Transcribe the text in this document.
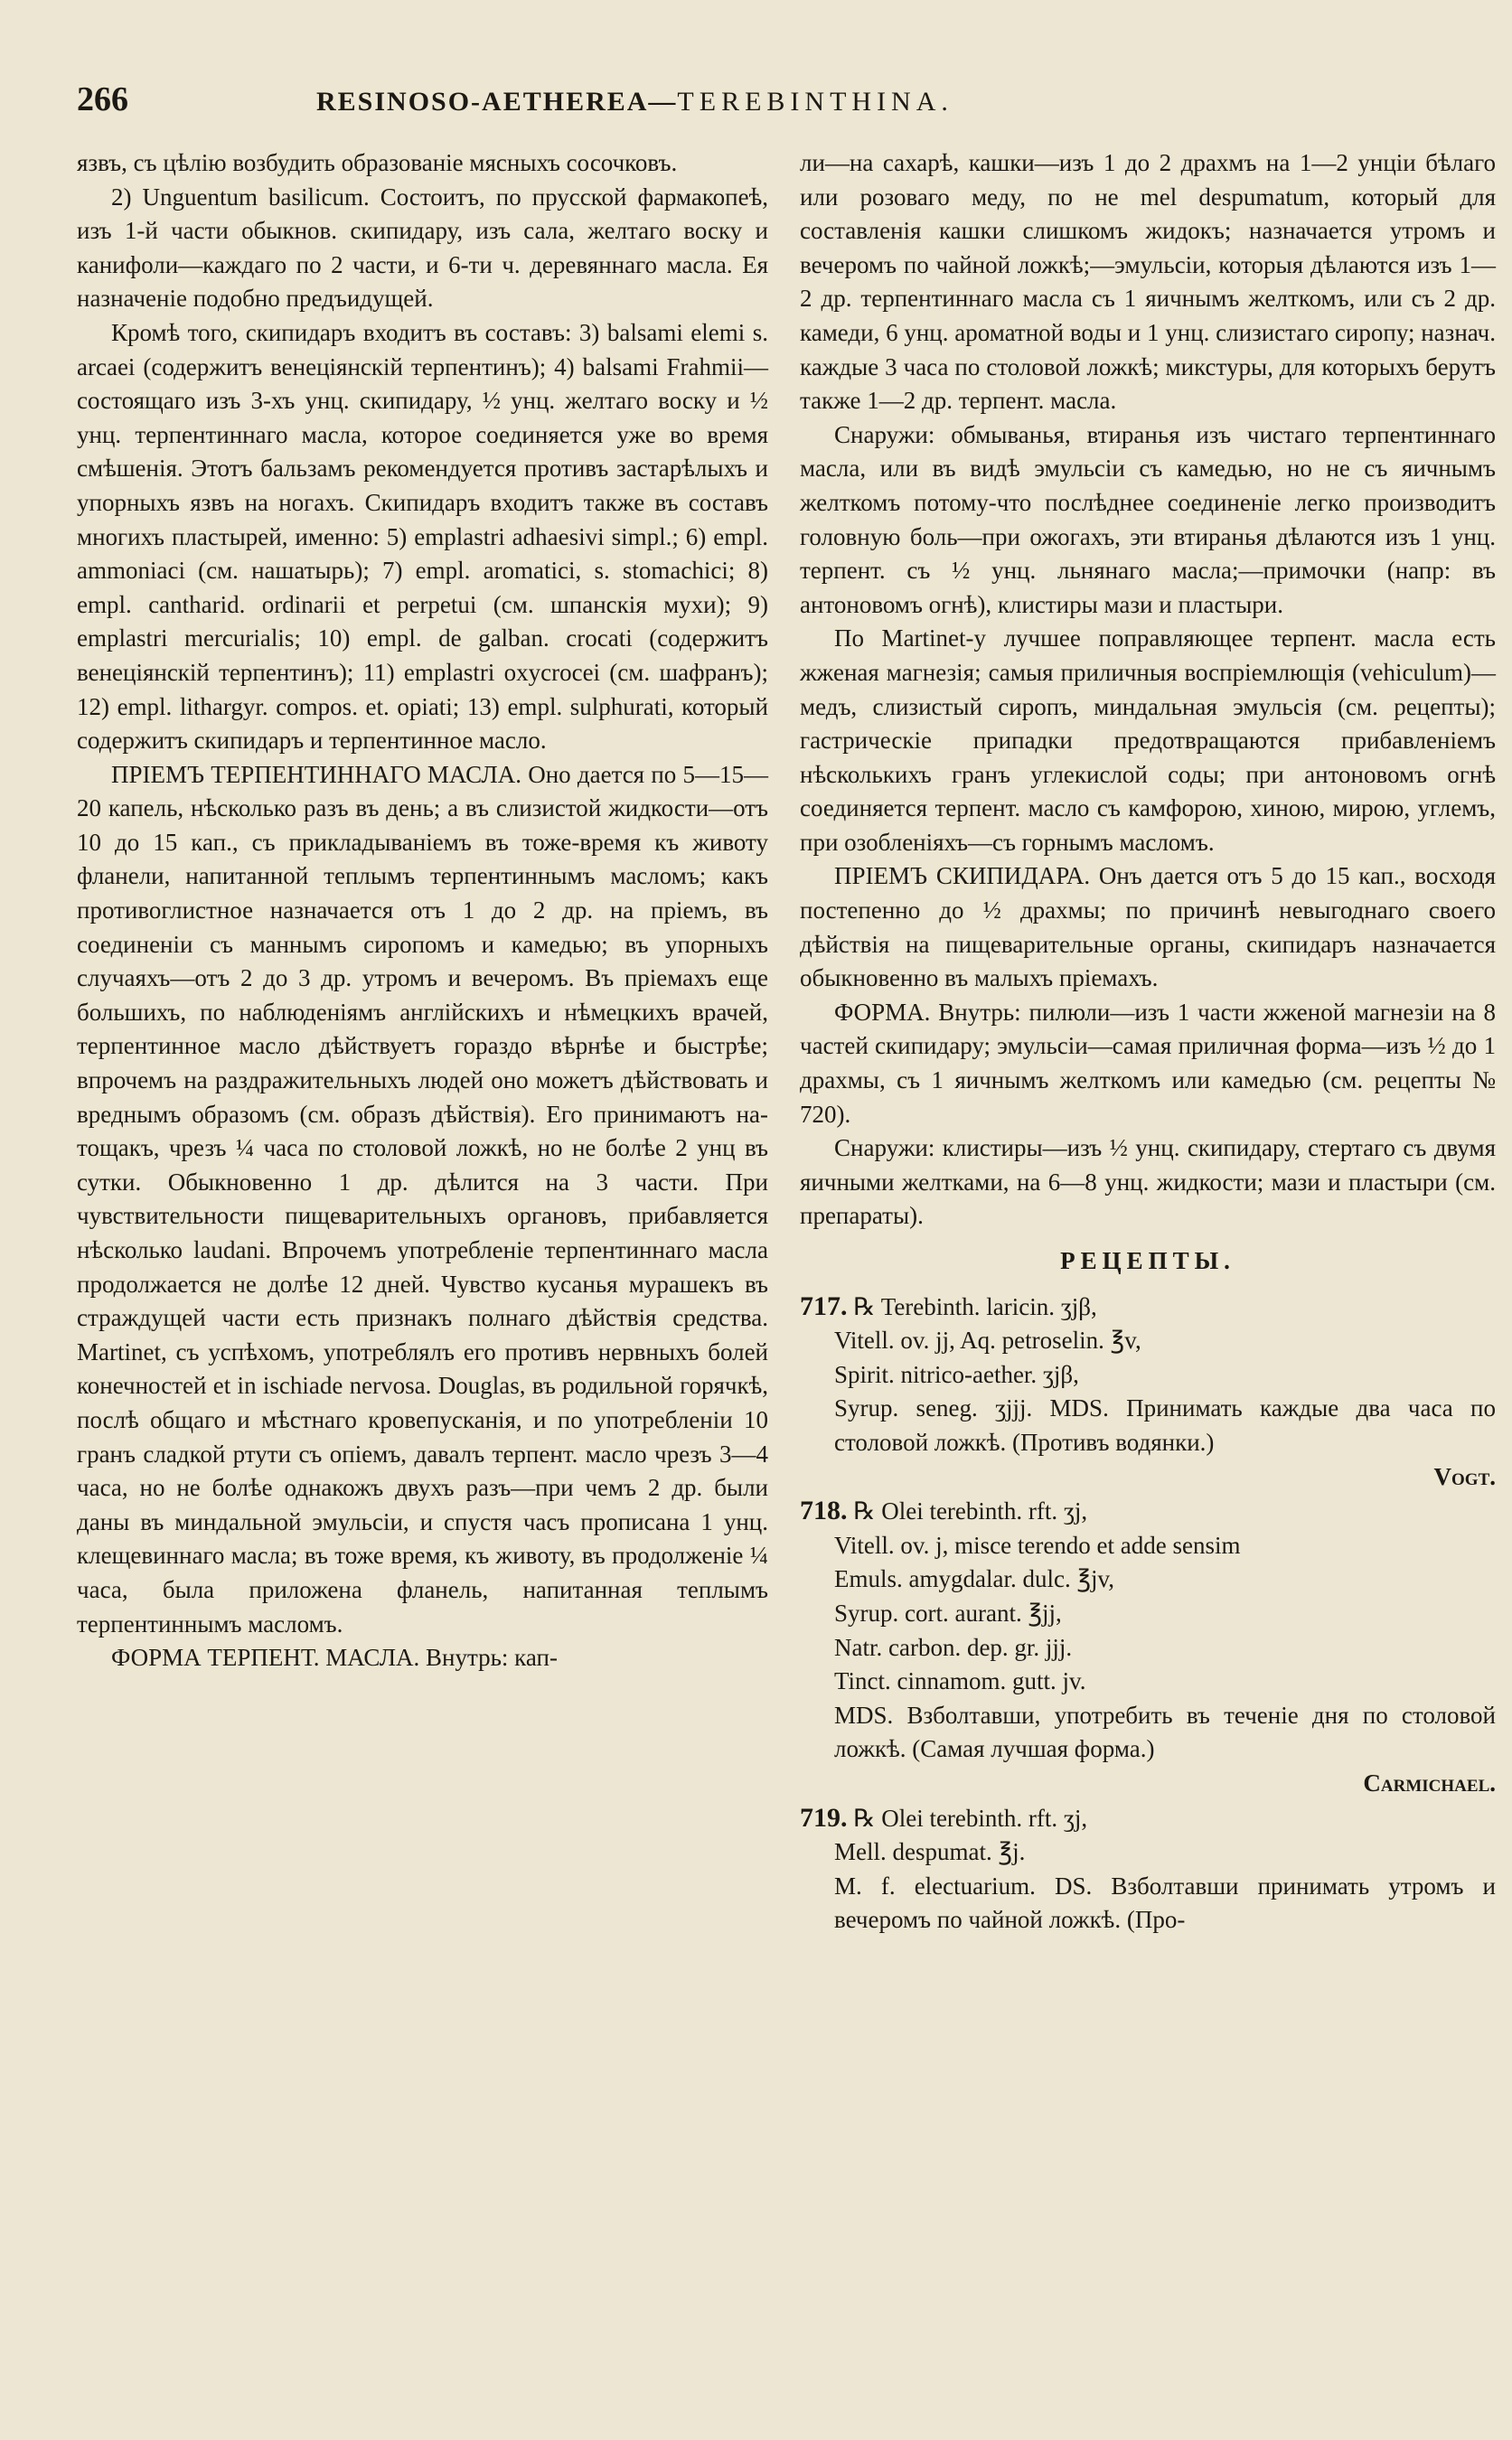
266	RESINOSO-AETHEREA—TEREBINTHINA.

язвъ, съ цѣлію возбудить образованіе мясныхъ сосочковъ.

2) Unguentum basilicum. Состоитъ, по прусской фармакопеѣ, изъ 1-й части обыкнов. скипидару, изъ сала, желтаго воску и канифоли—каждаго по 2 части, и 6-ти ч. деревяннаго масла. Ея назначеніе подобно предъидущей.

Кромѣ того, скипидаръ входитъ въ составъ: 3) balsami elemi s. arcaei (содержитъ венеціянскій терпентинъ); 4) balsami Frahmii—состоящаго изъ 3-хъ унц. скипидару, ½ унц. желтаго воску и ½ унц. терпентиннаго масла, которое соединяется уже во время смѣшенія. Этотъ бальзамъ рекомендуется противъ застарѣлыхъ и упорныхъ язвъ на ногахъ. Скипидаръ входитъ также въ составъ многихъ пластырей, именно: 5) emplastri adhaesivi simpl.; 6) empl. ammoniaci (см. нашатырь); 7) empl. aromatici, s. stomachici; 8) empl. cantharid. ordinarii et perpetui (см. шпанскія мухи); 9) emplastri mercurialis; 10) empl. de galban. crocati (содержитъ венеціянскій терпентинъ); 11) emplastri oxycrocei (см. шафранъ); 12) empl. lithargyr. compos. et. opiati; 13) empl. sulphurati, который содержитъ скипидаръ и терпентинное масло.

ПРІЕМЪ ТЕРПЕНТИННАГО МАСЛА. Оно дается по 5—15—20 капель, нѣсколько разъ въ день; а въ слизистой жидкости—отъ 10 до 15 кап., съ прикладываніемъ въ тоже-время къ животу фланели, напитанной теплымъ терпентиннымъ масломъ; какъ противоглистное назначается отъ 1 до 2 др. на пріемъ, въ соединеніи съ маннымъ сиропомъ и камедью; въ упорныхъ случаяхъ—отъ 2 до 3 др. утромъ и вечеромъ. Въ пріемахъ еще большихъ, по наблюденіямъ англійскихъ и нѣмецкихъ врачей, терпентинное масло дѣйствуетъ гораздо вѣрнѣе и быстрѣе; впрочемъ на раздражительныхъ людей оно можетъ дѣйствовать и вреднымъ образомъ (см. образъ дѣйствія). Его принимаютъ на-тощакъ, чрезъ ¼ часа по столовой ложкѣ, но не болѣе 2 унц въ сутки. Обыкновенно 1 др. дѣлится на 3 части. При чувствительности пищеварительныхъ органовъ, прибавляется нѣсколько laudani. Впрочемъ употребленіе терпентиннаго масла продолжается не долѣе 12 дней. Чувство кусанья мурашекъ въ страждущей части есть признакъ полнаго дѣйствія средства. Martinet, съ успѣхомъ, употреблялъ его противъ нервныхъ болей конечностей et in ischiade nervosa. Douglas, въ родильной горячкѣ, послѣ общаго и мѣстнаго кровепусканія, и по употребленіи 10 гранъ сладкой ртути съ опіемъ, давалъ терпент. масло чрезъ 3—4 часа, но не болѣе однакожъ двухъ разъ—при чемъ 2 др. были даны въ миндальной эмульсіи, и спустя часъ прописана 1 унц. клещевиннаго масла; въ тоже время, къ животу, въ продолженіе ¼ часа, была приложена фланель, напитанная теплымъ терпентиннымъ масломъ.

ФОРМА ТЕРПЕНТ. МАСЛА. Внутрь: кап-

ли—на сахарѣ, кашки—изъ 1 до 2 драхмъ на 1—2 унціи бѣлаго или розоваго меду, по не mel despumatum, который для составленія кашки слишкомъ жидокъ; назначается утромъ и вечеромъ по чайной ложкѣ;—эмульсіи, которыя дѣлаются изъ 1—2 др. терпентиннаго масла съ 1 яичнымъ желткомъ, или съ 2 др. камеди, 6 унц. ароматной воды и 1 унц. слизистаго сиропу; назнач. каждые 3 часа по столовой ложкѣ; микстуры, для которыхъ берутъ также 1—2 др. терпент. масла.

Снаружи: обмыванья, втиранья изъ чистаго терпентиннаго масла, или въ видѣ эмульсіи съ камедью, но не съ яичнымъ желткомъ потому-что послѣднее соединеніе легко производитъ головную боль—при ожогахъ, эти втиранья дѣлаются изъ 1 унц. терпент. съ ½ унц. льнянаго масла;—примочки (напр: въ антоновомъ огнѣ), клистиры мази и пластыри.

По Martinet-у лучшее поправляющее терпент. масла есть жженая магнезія; самыя приличныя воспріемлющія (vehiculum)—медъ, слизистый сиропъ, миндальная эмульсія (см. рецепты); гастрическіе припадки предотвращаются прибавленіемъ нѣсколькихъ гранъ углекислой соды; при антоновомъ огнѣ соединяется терпент. масло съ камфорою, хиною, мирою, углемъ, при озобленіяхъ—съ горнымъ масломъ.

ПРІЕМЪ СКИПИДАРА. Онъ дается отъ 5 до 15 кап., восходя постепенно до ½ драхмы; по причинѣ невыгоднаго своего дѣйствія на пищеварительные органы, скипидаръ назначается обыкновенно въ малыхъ пріемахъ.

ФОРМА. Внутрь: пилюли—изъ 1 части жженой магнезіи на 8 частей скипидару; эмульсіи—самая приличная форма—изъ ½ до 1 драхмы, съ 1 яичнымъ желткомъ или камедью (см. рецепты № 720).

Снаружи: клистиры—изъ ½ унц. скипидару, стертаго съ двумя яичными желтками, на 6—8 унц. жидкости; мази и пластыри (см. препараты).

РЕЦЕПТЫ.

717. ℞ Terebinth. laricin. ʒjβ,
Vitell. ov. jj, Aq. petroselin. ℥v,
Spirit. nitrico-aether. ʒjβ,
Syrup. seneg. ʒjjj. MDS. Принимать каждые два часа по столовой ложкѣ. (Противъ водянки.)
Vogt.
718. ℞ Olei terebinth. rft. ʒj,
Vitell. ov. j, misce terendo et adde sensim
Emuls. amygdalar. dulc. ℥jv,
Syrup. cort. aurant. ℥jj,
Natr. carbon. dep. gr. jjj.
Tinct. cinnamom. gutt. jv.
MDS. Взболтавши, употребить въ теченіе дня по столовой ложкѣ. (Самая лучшая форма.)
Carmichael.
719. ℞ Olei terebinth. rft. ʒj,
Mell. despumat. ℥j.
M. f. electuarium. DS. Взболтавши принимать утромъ и вечеромъ по чайной ложкѣ. (Про-
